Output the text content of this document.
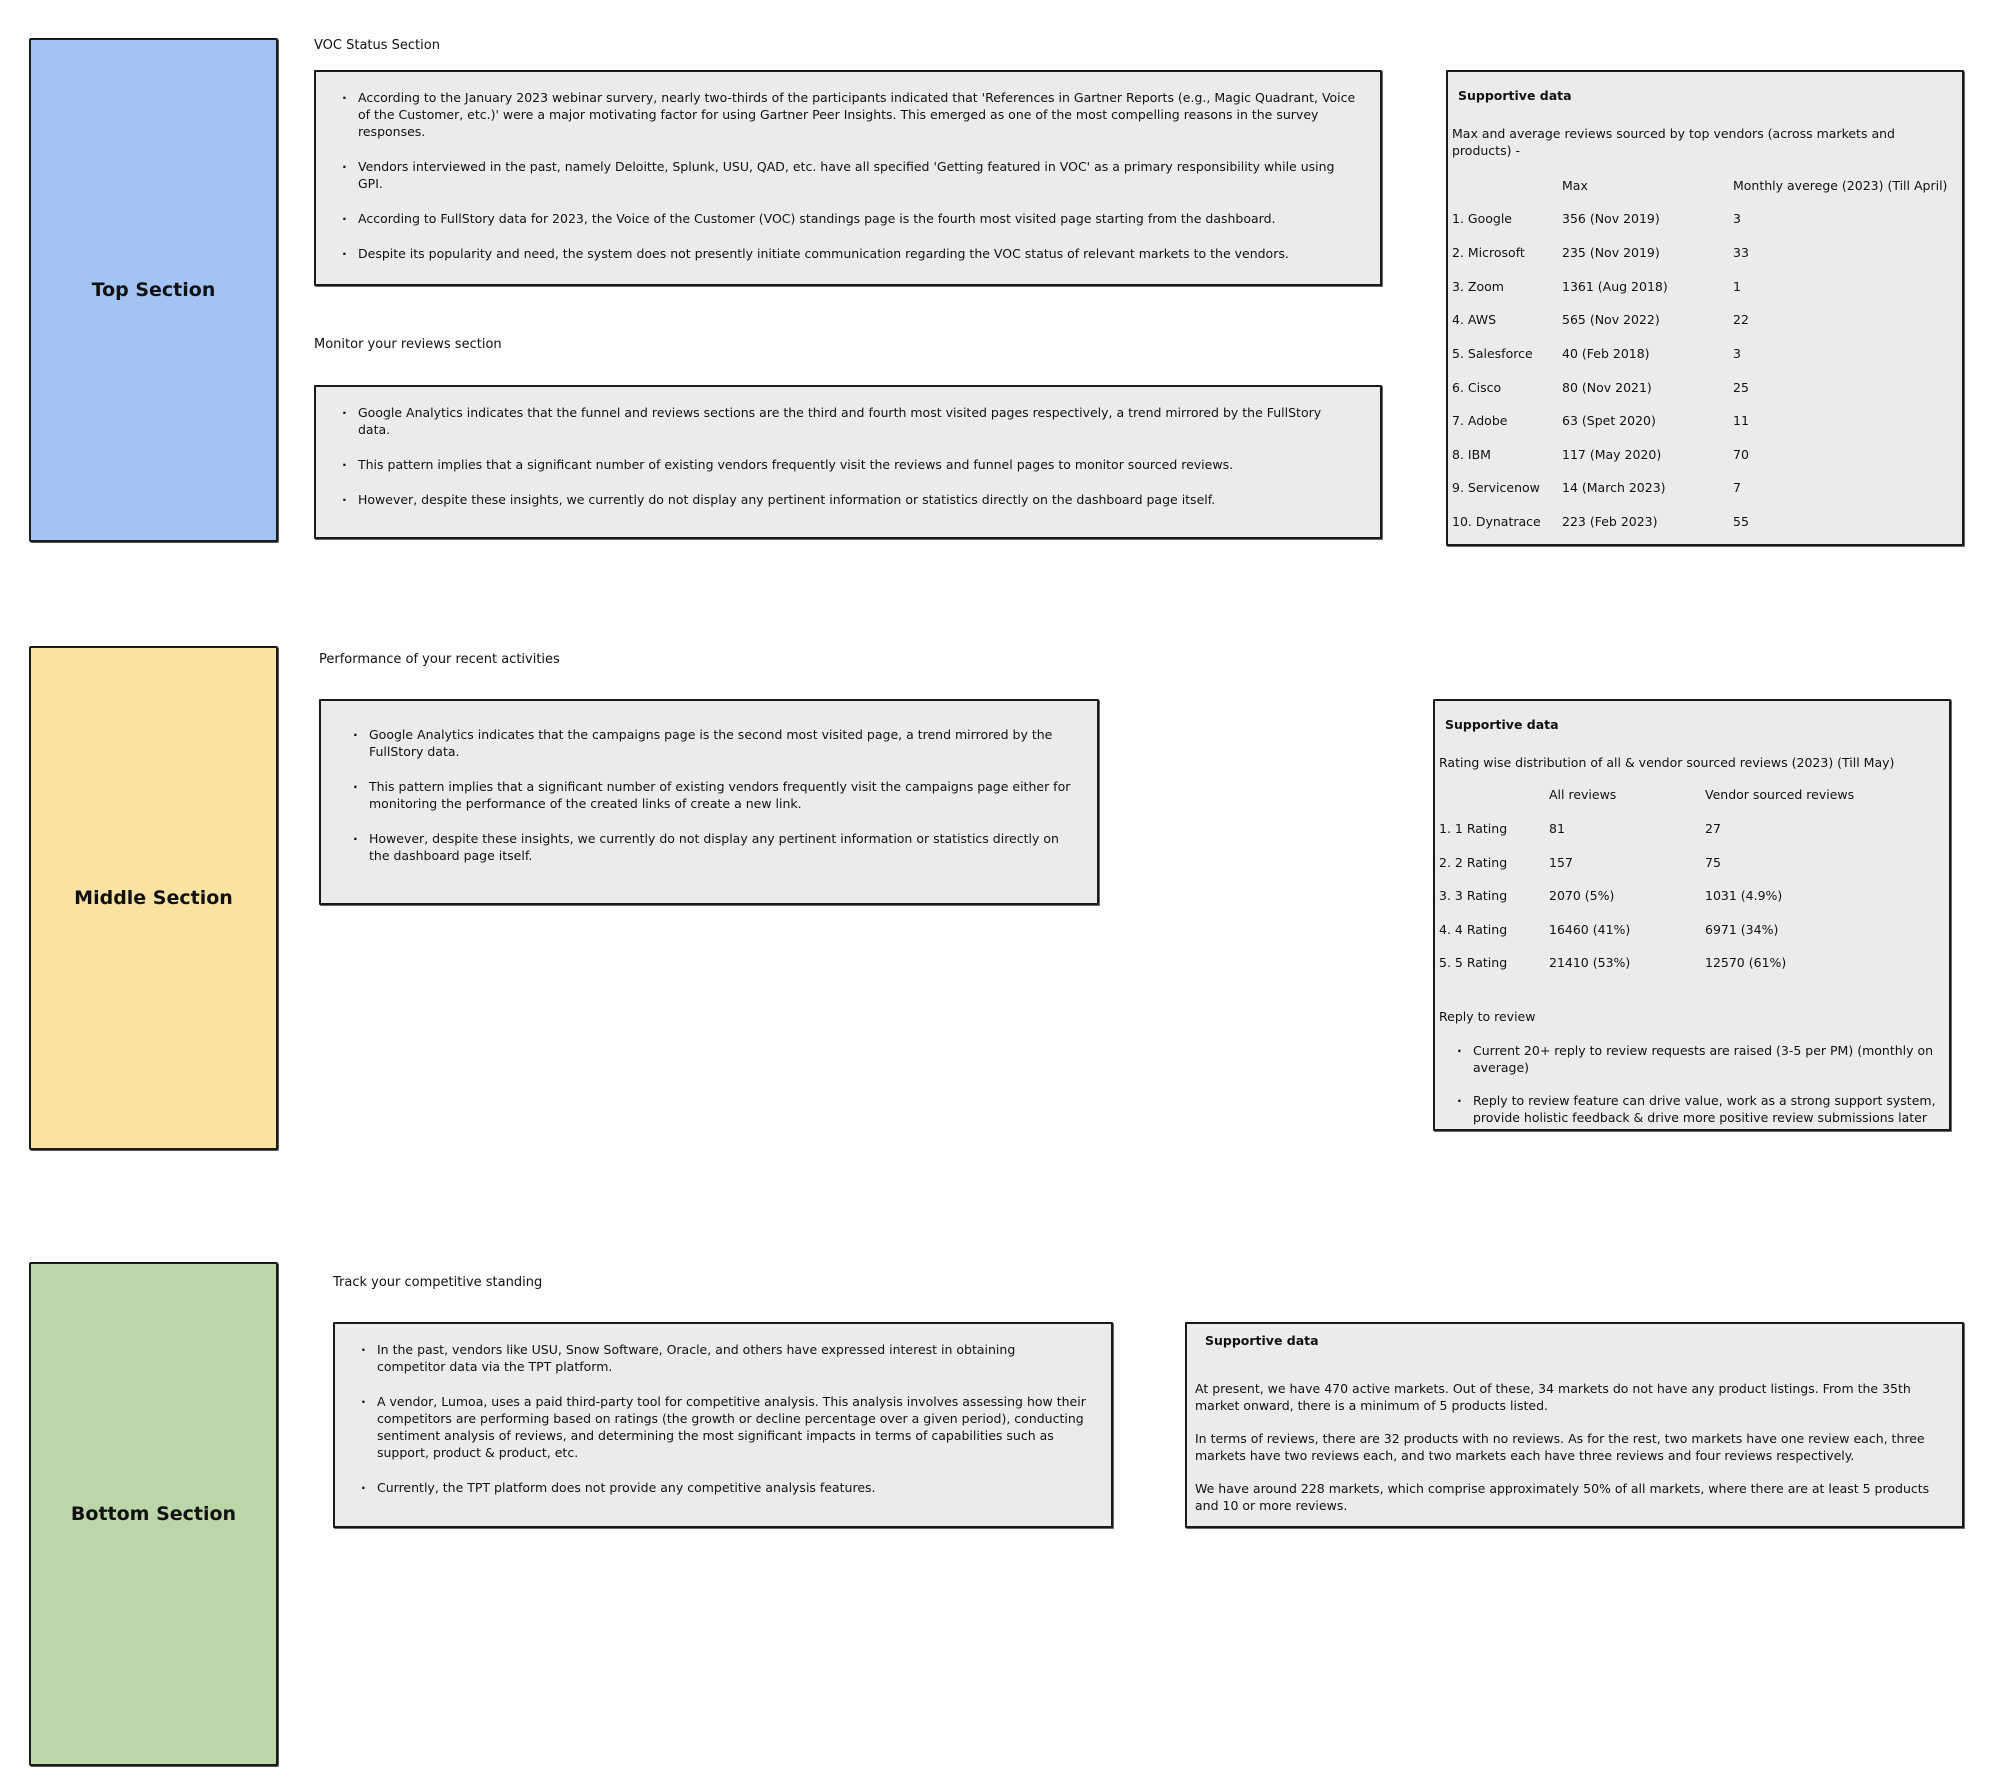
Top Section
Middle Section
Bottom Section
VOC Status Section
· According to the January 2023 webinar survery, nearly two-thirds of the participants indicated that 'References in Gartner Reports (e.g., Magic Quadrant, Voice of the Customer, etc.)' were a major motivating factor for using Gartner Peer Insights. This emerged as one of the most compelling reasons in the survey responses.
· Vendors interviewed in the past, namely Deloitte, Splunk, USU, QAD, etc. have all specified 'Getting featured in VOC' as a primary responsibility while using GPI.
· According to FullStory data for 2023, the Voice of the Customer (VOC) standings page is the fourth most visited page starting from the dashboard.
· Despite its popularity and need, the system does not presently initiate communication regarding the VOC status of relevant markets to the vendors.
Monitor your reviews section
· Google Analytics indicates that the funnel and reviews sections are the third and fourth most visited pages respectively, a trend mirrored by the FullStory data.
· This pattern implies that a significant number of existing vendors frequently visit the reviews and funnel pages to monitor sourced reviews.
· However, despite these insights, we currently do not display any pertinent information or statistics directly on the dashboard page itself.
Supportive data
Max and average reviews sourced by top vendors (across markets and products) -
Max	Monthly averege (2023) (Till April)
1. Google	356 (Nov 2019)	3
2. Microsoft	235 (Nov 2019)	33
3. Zoom	1361 (Aug 2018)	1
4. AWS	565 (Nov 2022)	22
5. Salesforce 40 (Feb 2018)	3
6. Cisco	80 (Nov 2021)	25
7. Adobe	63 (Spet 2020)	11
8. IBM	117 (May 2020)	70
9. Servicenow 14 (March 2023)	7
10. Dynatrace 223 (Feb 2023)	55
Performance of your recent activities
· Google Analytics indicates that the campaigns page is the second most visited page, a trend mirrored by the FullStory data.
· This pattern implies that a significant number of existing vendors frequently visit the campaigns page either for monitoring the performance of the created links of create a new link.
· However, despite these insights, we currently do not display any pertinent information or statistics directly on the dashboard page itself.
Supportive data
Rating wise distribution of all & vendor sourced reviews (2023) (Till May)
All reviews	Vendor sourced reviews
1. 1 Rating	81	27
2. 2 Rating	157	75
3. 3 Rating	2070 (5%)	1031 (4.9%)
4. 4 Rating	16460 (41%)	6971 (34%)
5. 5 Rating	21410 (53%)	12570 (61%)
Reply to review
· Current 20+ reply to review requests are raised (3-5 per PM) (monthly on average)
· Reply to review feature can drive value, work as a strong support system, provide holistic feedback & drive more positive review submissions later
Track your competitive standing
· In the past, vendors like USU, Snow Software, Oracle, and others have expressed interest in obtaining competitor data via the TPT platform.
· A vendor, Lumoa, uses a paid third-party tool for competitive analysis. This analysis involves assessing how their competitors are performing based on ratings (the growth or decline percentage over a given period), conducting sentiment analysis of reviews, and determining the most significant impacts in terms of capabilities such as support, product & product, etc.
· Currently, the TPT platform does not provide any competitive analysis features.
Supportive data

At present, we have 470 active markets. Out of these, 34 markets do not have any product listings. From the 35th market onward, there is a minimum of 5 products listed.

In terms of reviews, there are 32 products with no reviews. As for the rest, two markets have one review each, three markets have two reviews each, and two markets each have three reviews and four reviews respectively.

We have around 228 markets, which comprise approximately 50% of all markets, where there are at least 5 products and 10 or more reviews.
